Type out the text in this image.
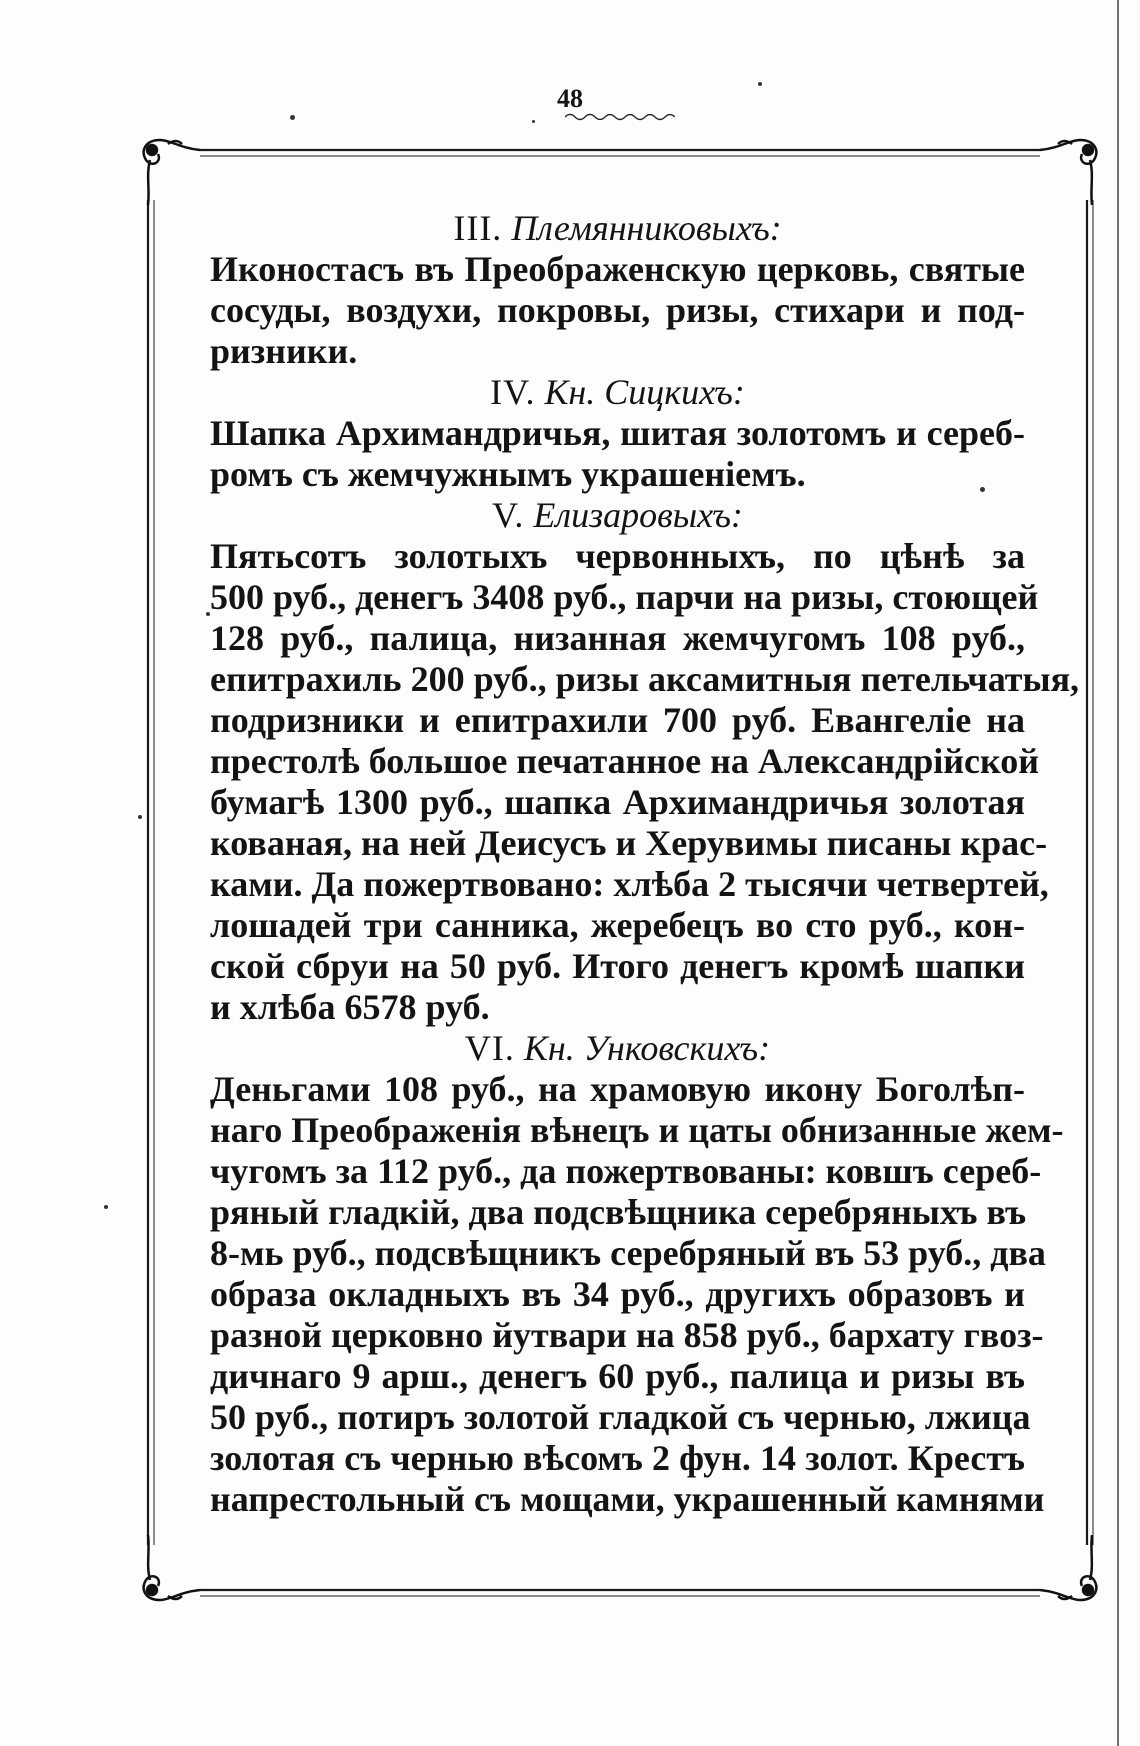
48

III. Племянниковыхъ:

Иконостасъ въ Преображенскую церковь, святые
сосуды, воздухи, покровы, ризы, стихари и под-
ризники.

IV. Кн. Сицкихъ:

Шапка Архимандричья, шитая золотомъ и сереб-
ромъ съ жемчужнымъ украшеніемъ.

V. Елизаровыхъ:

Пятьсотъ золотыхъ червонныхъ, по цѣнѣ за
500 руб., денегъ 3408 руб., парчи на ризы, стоющей
128 руб., палица, низанная жемчугомъ 108 руб.,
епитрахиль 200 руб., ризы аксамитныя петельчатыя,
подризники и епитрахили 700 руб. Евангеліе на
престолѣ большое печатанное на Александрійской
бумагѣ 1300 руб., шапка Архимандричья золотая
кованая, на ней Деисусъ и Херувимы писаны крас-
ками. Да пожертвовано: хлѣба 2 тысячи четвертей,
лошадей три санника, жеребецъ во сто руб., кон-
ской сбруи на 50 руб. Итого денегъ кромѣ шапки
и хлѣба 6578 руб.

VI. Кн. Унковскихъ:

Деньгами 108 руб., на храмовую икону Боголѣп-
наго Преображенія вѣнецъ и цаты обнизанные жем-
чугомъ за 112 руб., да пожертвованы: ковшъ сереб-
ряный гладкій, два подсвѣщника серебряныхъ въ
8-мь руб., подсвѣщникъ серебряный въ 53 руб., два
образа окладныхъ въ 34 руб., другихъ образовъ и
разной церковно йутвари на 858 руб., бархату гвоз-
дичнаго 9 арш., денегъ 60 руб., палица и ризы въ
50 руб., потиръ золотой гладкой съ чернью, лжица
золотая съ чернью вѣсомъ 2 фун. 14 золот. Крестъ
напрестольный съ мощами, украшенный камнями
